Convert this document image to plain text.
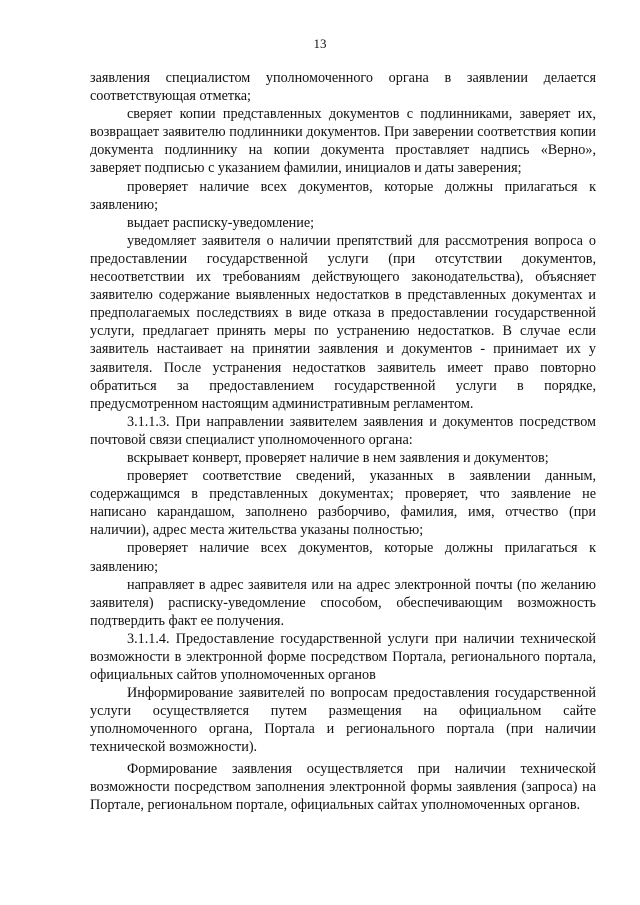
13

заявления специалистом уполномоченного органа в заявлении делается соответствующая отметка;

сверяет копии представленных документов с подлинниками, заверяет их, возвращает заявителю подлинники документов. При заверении соответствия копии документа подлиннику на копии документа проставляет надпись «Верно», заверяет подписью с указанием фамилии, инициалов и даты заверения;

проверяет наличие всех документов, которые должны прилагаться к заявлению;

выдает расписку-уведомление;

уведомляет заявителя о наличии препятствий для рассмотрения вопроса о предоставлении государственной услуги (при отсутствии документов, несоответствии их требованиям действующего законодательства), объясняет заявителю содержание выявленных недостатков в представленных документах и предполагаемых последствиях в виде отказа в предоставлении государственной услуги, предлагает принять меры по устранению недостатков. В случае если заявитель настаивает на принятии заявления и документов - принимает их у заявителя. После устранения недостатков заявитель имеет право повторно обратиться за предоставлением государственной услуги в порядке, предусмотренном настоящим административным регламентом.

3.1.1.3. При направлении заявителем заявления и документов посредством почтовой связи специалист уполномоченного органа:

вскрывает конверт, проверяет наличие в нем заявления и документов;

проверяет соответствие сведений, указанных в заявлении данным, содержащимся в представленных документах; проверяет, что заявление не написано карандашом, заполнено разборчиво, фамилия, имя, отчество (при наличии), адрес места жительства указаны полностью;

проверяет наличие всех документов, которые должны прилагаться к заявлению;

направляет в адрес заявителя или на адрес электронной почты (по желанию заявителя) расписку-уведомление способом, обеспечивающим возможность подтвердить факт ее получения.

3.1.1.4. Предоставление государственной услуги при наличии технической возможности в электронной форме посредством Портала, регионального портала, официальных сайтов уполномоченных органов

Информирование заявителей по вопросам предоставления государственной услуги осуществляется путем размещения на официальном сайте уполномоченного органа, Портала и регионального портала (при наличии технической возможности).

Формирование заявления осуществляется при наличии технической возможности посредством заполнения электронной формы заявления (запроса) на Портале, региональном портале, официальных сайтах уполномоченных органов.
